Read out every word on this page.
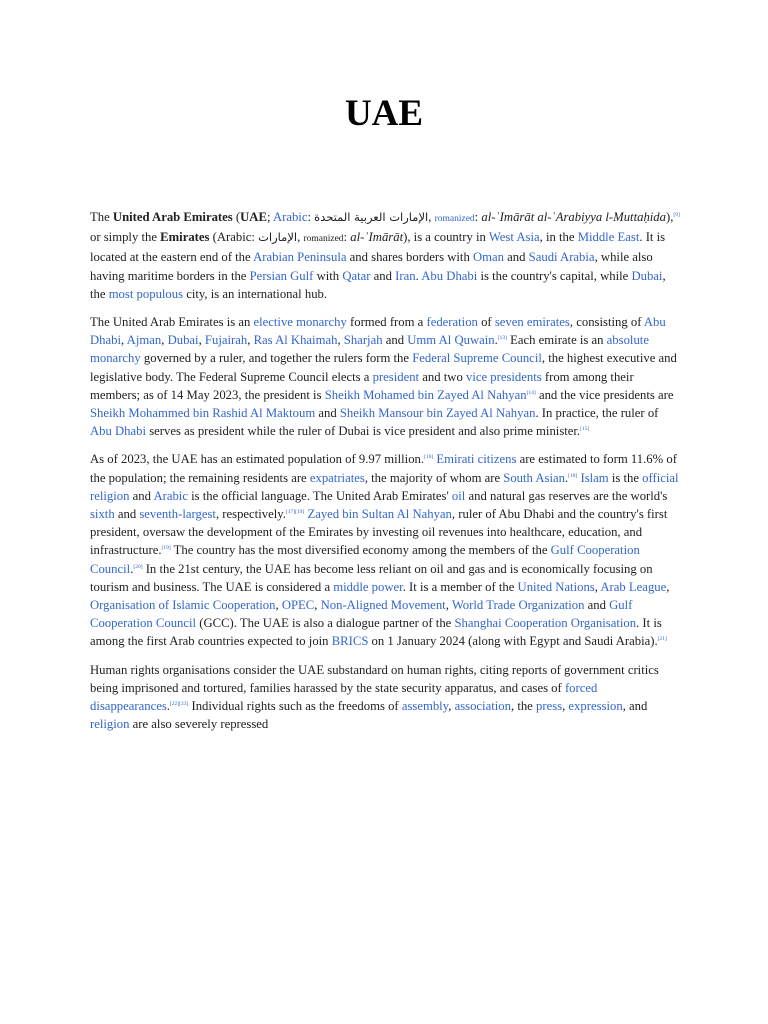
UAE

The United Arab Emirates (UAE; Arabic: الإمارات العربية المتحدة, romanized: al-ʾImārāt al-ʿArabiyya l-Muttaḥida),[9] or simply the Emirates (Arabic: الإمارات, romanized: al-ʾImārāt), is a country in West Asia, in the Middle East. It is located at the eastern end of the Arabian Peninsula and shares borders with Oman and Saudi Arabia, while also having maritime borders in the Persian Gulf with Qatar and Iran. Abu Dhabi is the country's capital, while Dubai, the most populous city, is an international hub.

The United Arab Emirates is an elective monarchy formed from a federation of seven emirates, consisting of Abu Dhabi, Ajman, Dubai, Fujairah, Ras Al Khaimah, Sharjah and Umm Al Quwain.[13] Each emirate is an absolute monarchy governed by a ruler, and together the rulers form the Federal Supreme Council, the highest executive and legislative body. The Federal Supreme Council elects a president and two vice presidents from among their members; as of 14 May 2023, the president is Sheikh Mohamed bin Zayed Al Nahyan[14] and the vice presidents are Sheikh Mohammed bin Rashid Al Maktoum and Sheikh Mansour bin Zayed Al Nahyan. In practice, the ruler of Abu Dhabi serves as president while the ruler of Dubai is vice president and also prime minister.[15]

As of 2023, the UAE has an estimated population of 9.97 million.[16] Emirati citizens are estimated to form 11.6% of the population; the remaining residents are expatriates, the majority of whom are South Asian.[18] Islam is the official religion and Arabic is the official language. The United Arab Emirates' oil and natural gas reserves are the world's sixth and seventh-largest, respectively.[17][19] Zayed bin Sultan Al Nahyan, ruler of Abu Dhabi and the country's first president, oversaw the development of the Emirates by investing oil revenues into healthcare, education, and infrastructure.[19] The country has the most diversified economy among the members of the Gulf Cooperation Council.[20] In the 21st century, the UAE has become less reliant on oil and gas and is economically focusing on tourism and business. The UAE is considered a middle power. It is a member of the United Nations, Arab League, Organisation of Islamic Cooperation, OPEC, Non-Aligned Movement, World Trade Organization and Gulf Cooperation Council (GCC). The UAE is also a dialogue partner of the Shanghai Cooperation Organisation. It is among the first Arab countries expected to join BRICS on 1 January 2024 (along with Egypt and Saudi Arabia).[21]

Human rights organisations consider the UAE substandard on human rights, citing reports of government critics being imprisoned and tortured, families harassed by the state security apparatus, and cases of forced disappearances.[22][23] Individual rights such as the freedoms of assembly, association, the press, expression, and religion are also severely repressed
